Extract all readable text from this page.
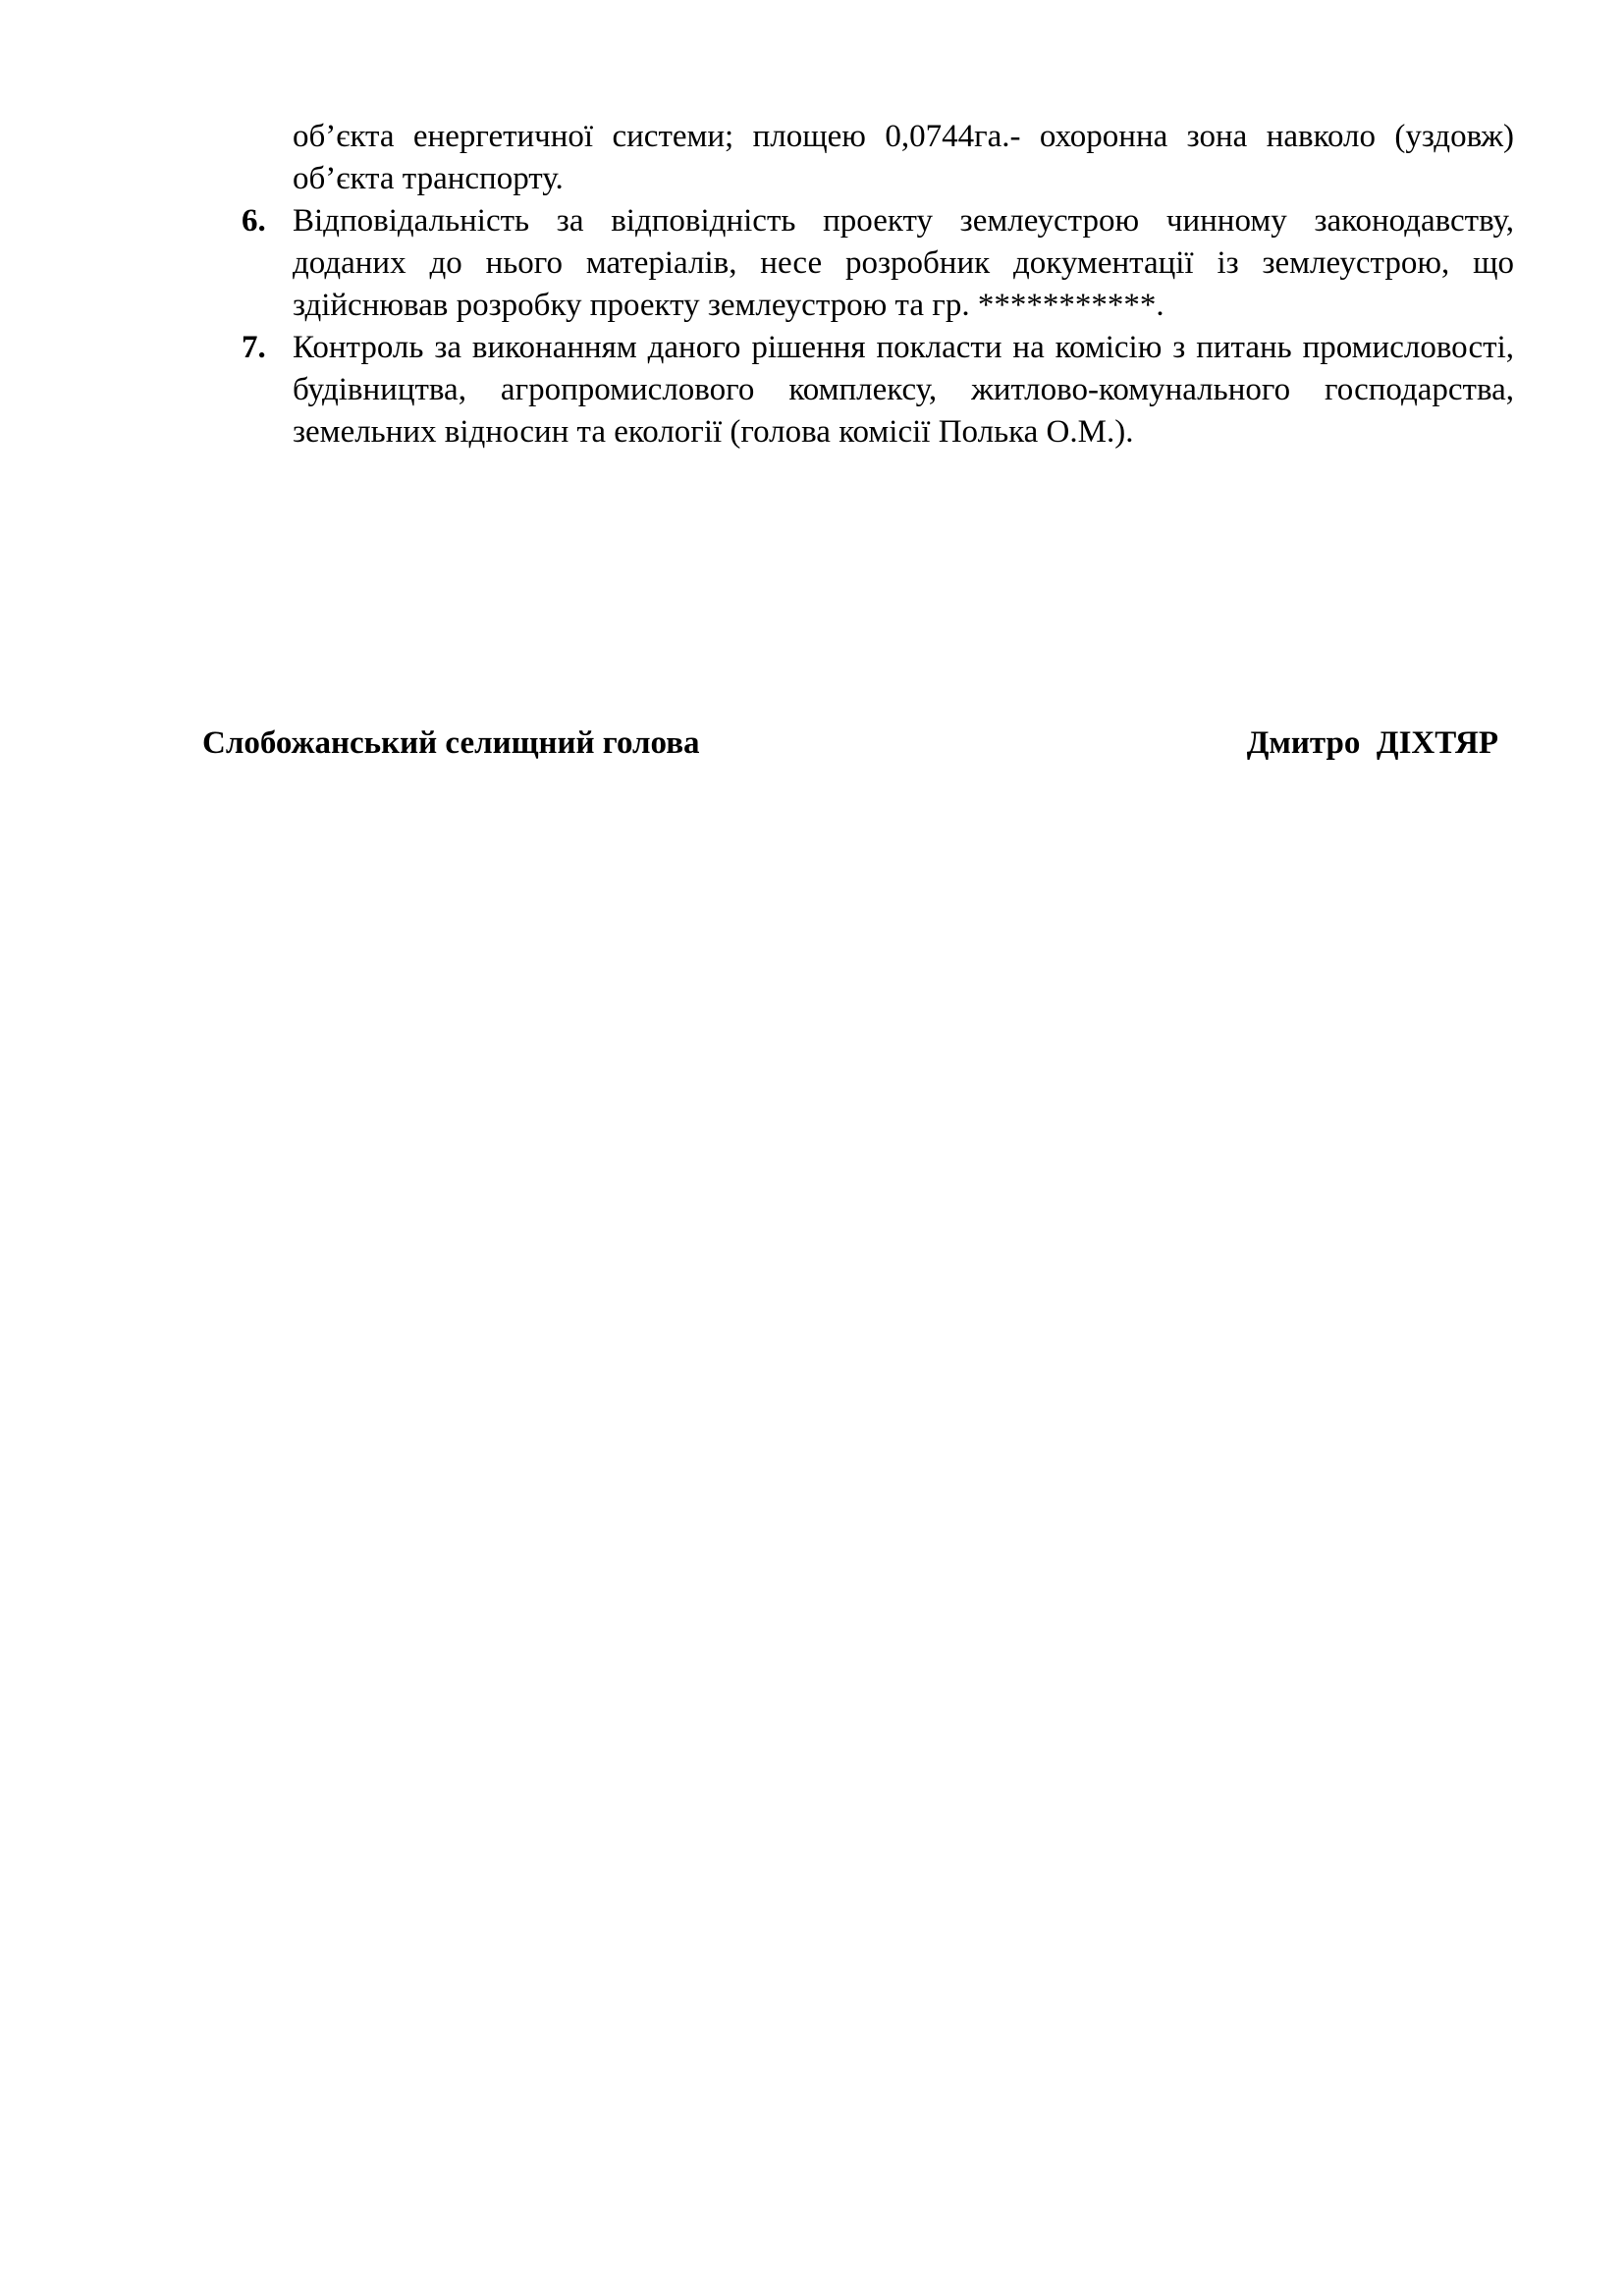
об’єкта енергетичної системи; площею 0,0744га.- охоронна зона навколо (уздовж) об’єкта транспорту.

6. Відповідальність за відповідність проекту землеустрою чинному законодавству, доданих до нього матеріалів, несе розробник документації із землеустрою, що здійснював розробку проекту землеустрою та гр. ***********.
7. Контроль за виконанням даного рішення покласти на комісію з питань промисловості, будівництва, агропромислового комплексу, житлово-комунального господарства, земельних відносин та екології (голова комісії Полька О.М.).
Слобожанський селищний голова	Дмитро  ДІХТЯР
